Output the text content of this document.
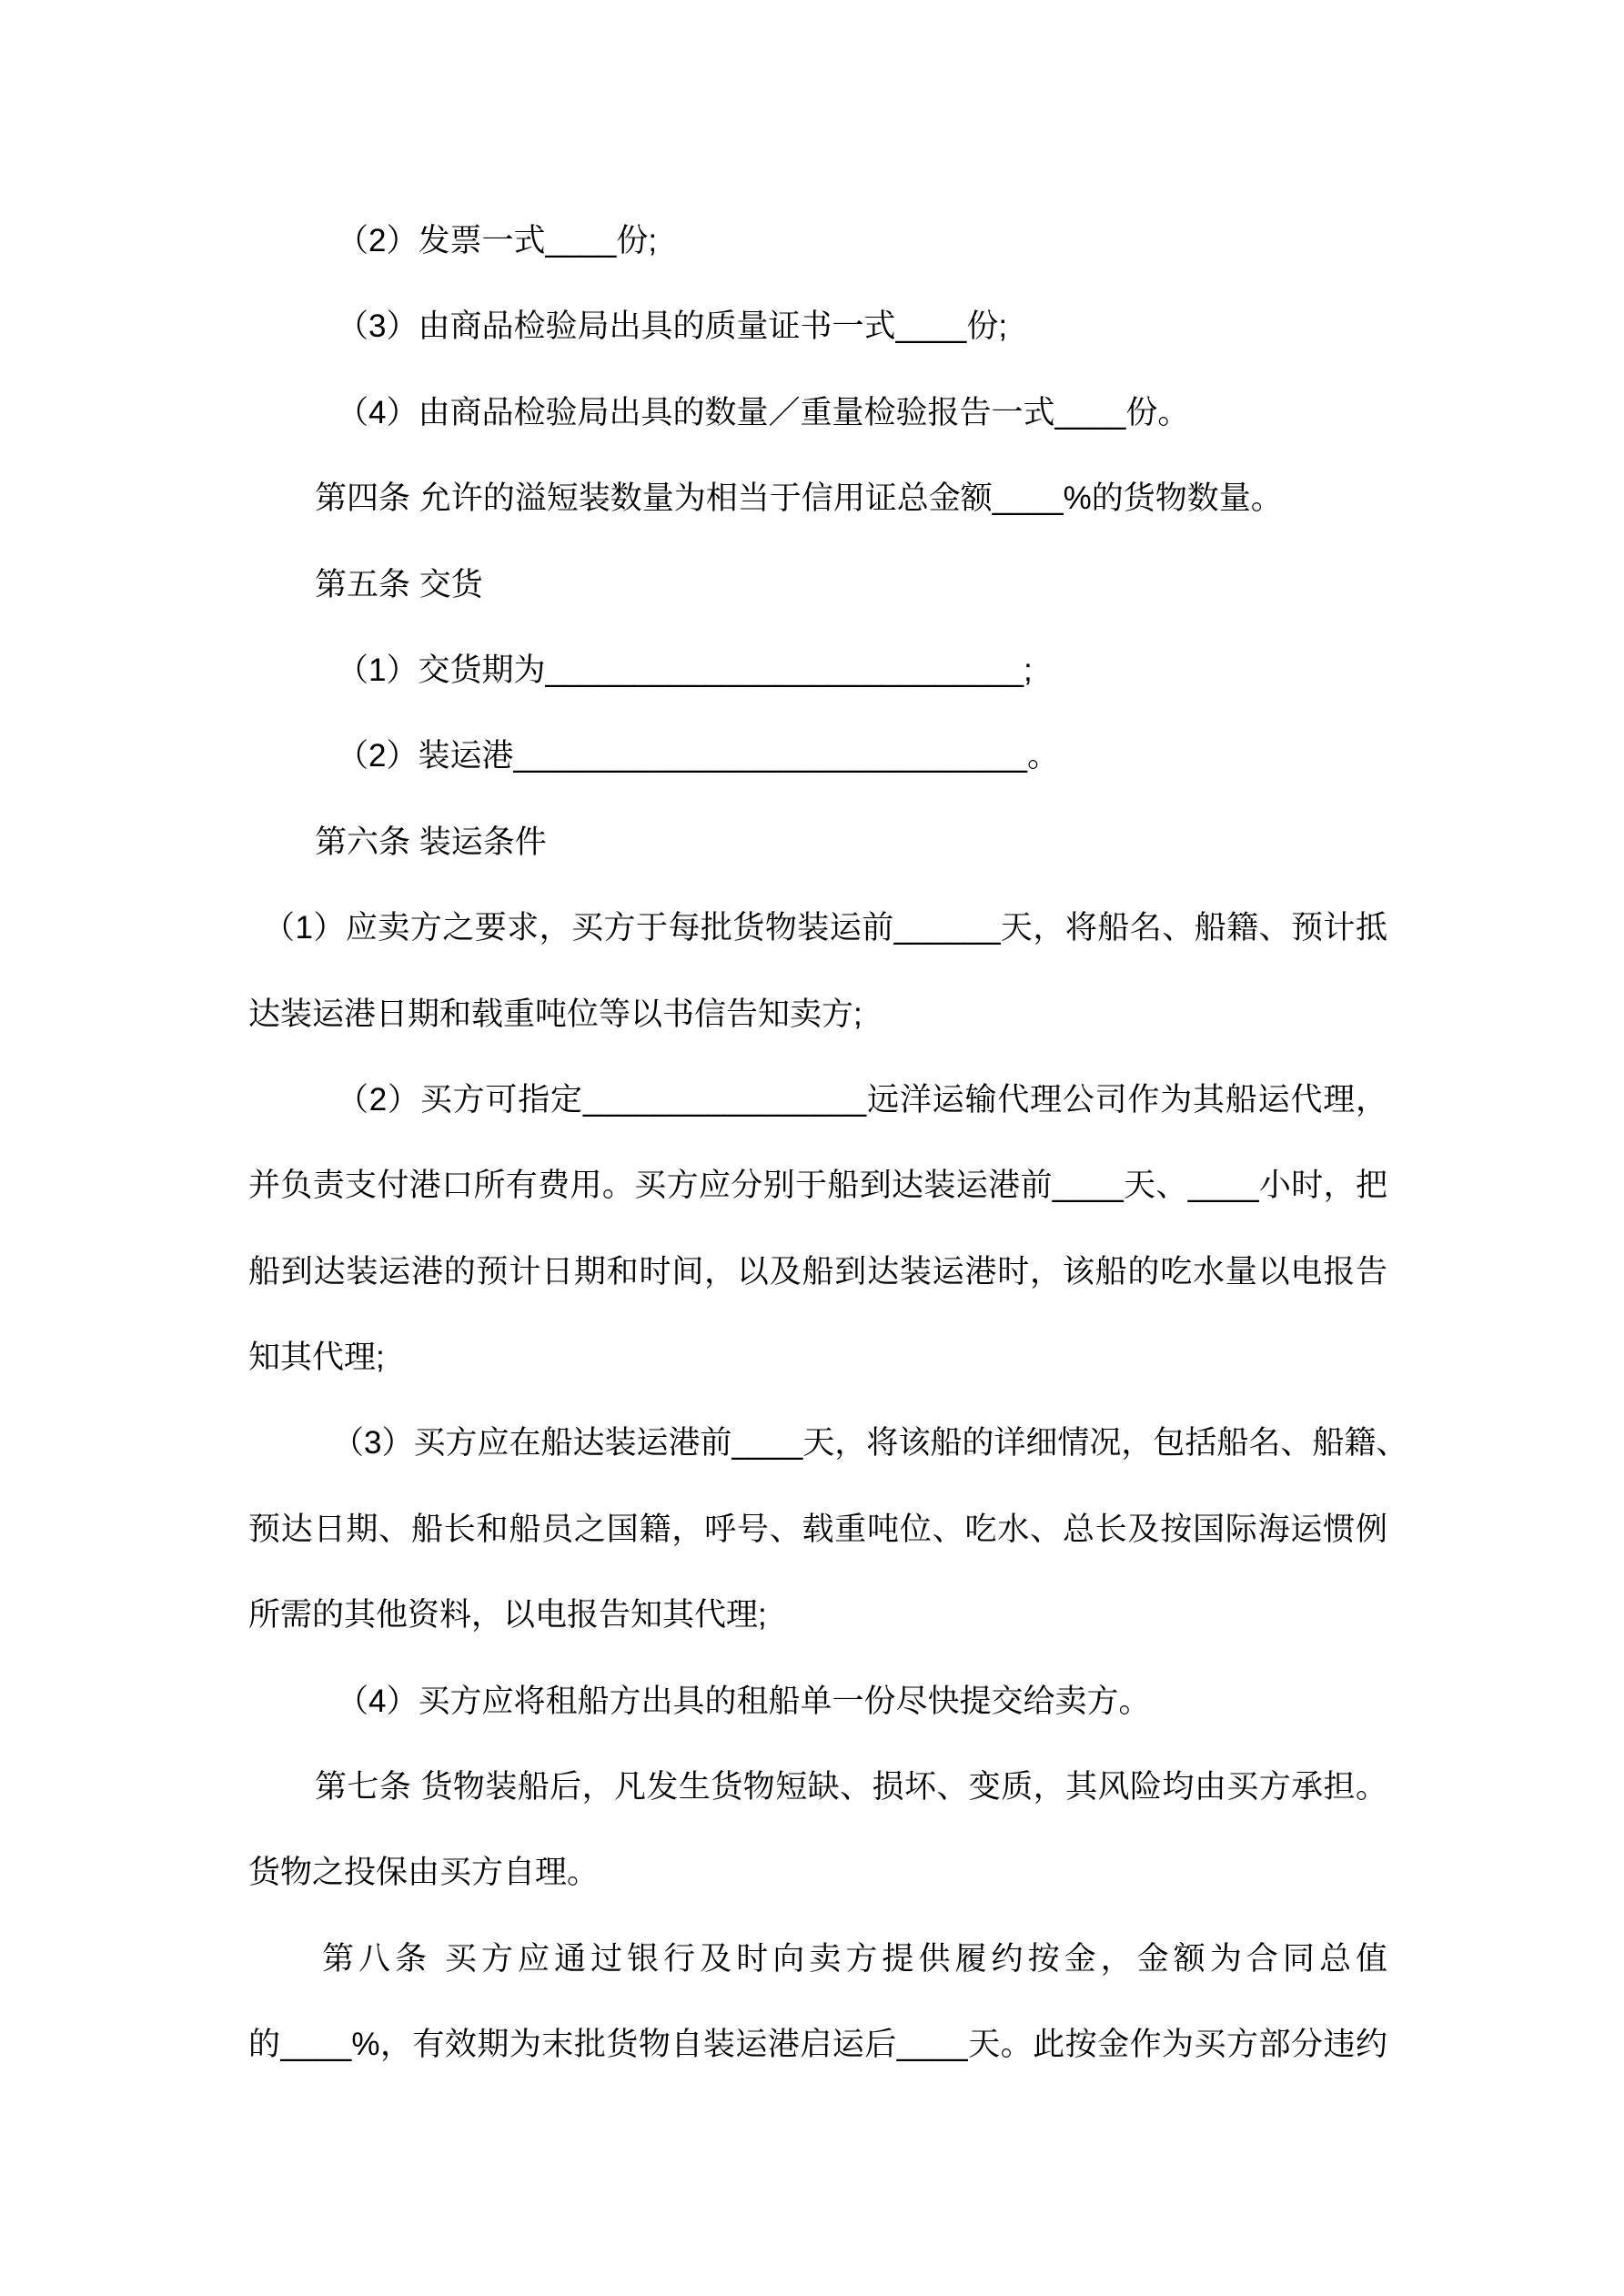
（2）发票一式____份;
（3）由商品检验局出具的质量证书一式____份;
（4）由商品检验局出具的数量／重量检验报告一式____份。
第四条 允许的溢短装数量为相当于信用证总金额____%的货物数量。
第五条 交货
（1）交货期为___________________________;
（2）装运港_____________________________。
第六条 装运条件
（1）应卖方之要求，买方于每批货物装运前______天，将船名、船籍、预计抵
达装运港日期和载重吨位等以书信告知卖方;
（2）买方可指定________________远洋运输代理公司作为其船运代理，
并负责支付港口所有费用。买方应分别于船到达装运港前____天、____小时，把
船到达装运港的预计日期和时间，以及船到达装运港时，该船的吃水量以电报告
知其代理;
（3）买方应在船达装运港前____天，将该船的详细情况，包括船名、船籍、
预达日期、船长和船员之国籍，呼号、载重吨位、吃水、总长及按国际海运惯例
所需的其他资料，以电报告知其代理;
（4）买方应将租船方出具的租船单一份尽快提交给卖方。
第七条 货物装船后，凡发生货物短缺、损坏、变质，其风险均由买方承担。
货物之投保由买方自理。
第八条 买方应通过银行及时向卖方提供履约按金，金额为合同总值
的____%，有效期为末批货物自装运港启运后____天。此按金作为买方部分违约
